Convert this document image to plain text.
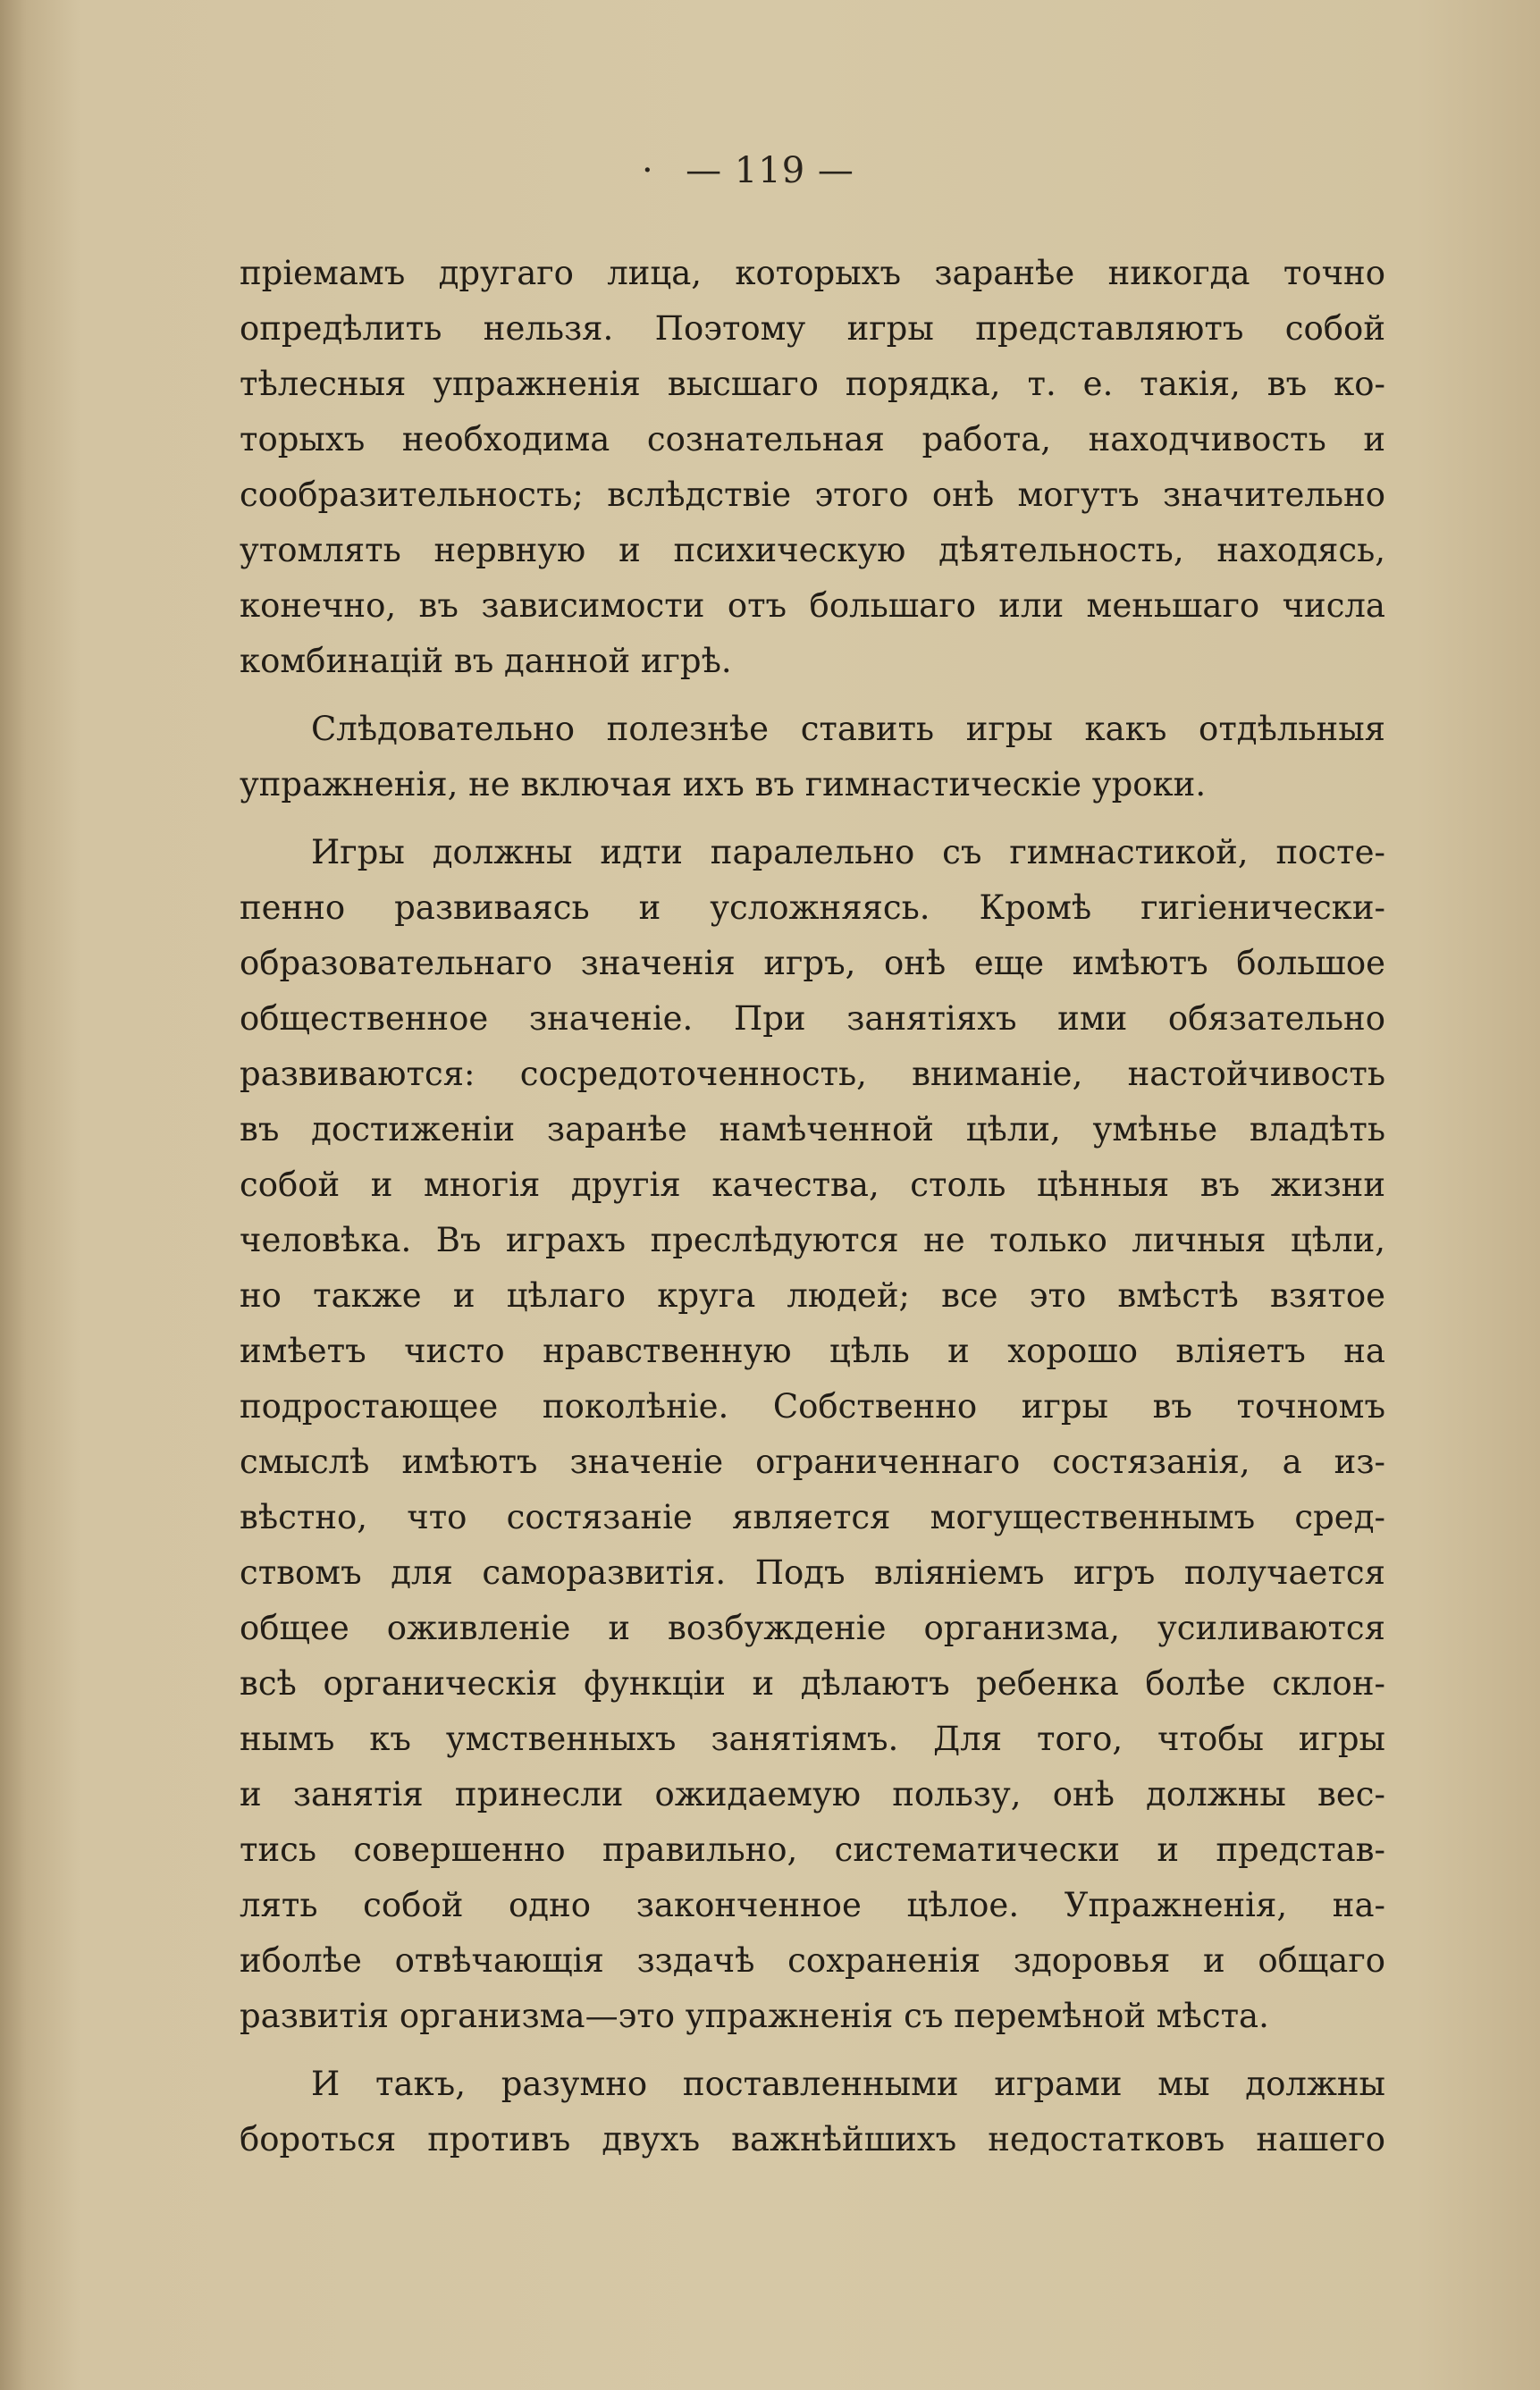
· — 119 —
пріемамъ другаго лица, которыхъ заранѣе никогда точно
опредѣлить нельзя. Поэтому игры представляютъ собой
тѣлесныя упражненія высшаго порядка, т. е. такія, въ ко-
торыхъ необходима сознательная работа, находчивость и
сообразительность; вслѣдствіе этого онѣ могутъ значительно
утомлять нервную и психическую дѣятельность, находясь,
конечно, въ зависимости отъ большаго или меньшаго числа
комбинацій въ данной игрѣ.
Слѣдовательно полезнѣе ставить игры какъ отдѣльныя
упражненія, не включая ихъ въ гимнастическіе уроки.
Игры должны идти паралельно съ гимнастикой, посте-
пенно развиваясь и усложняясь. Кромѣ гигіенически-
образовательнаго значенія игръ, онѣ еще имѣютъ большое
общественное значеніе. При занятіяхъ ими обязательно
развиваются: сосредоточенность, вниманіе, настойчивость
въ достиженіи заранѣе намѣченной цѣли, умѣнье владѣть
собой и многія другія качества, столь цѣнныя въ жизни
человѣка. Въ играхъ преслѣдуются не только личныя цѣли,
но также и цѣлаго круга людей; все это вмѣстѣ взятое
имѣетъ чисто нравственную цѣль и хорошо вліяетъ на
подростающее поколѣніе. Собственно игры въ точномъ
смыслѣ имѣютъ значеніе ограниченнаго состязанія, а из-
вѣстно, что состязаніе является могущественнымъ сред-
ствомъ для саморазвитія. Подъ вліяніемъ игръ получается
общее оживленіе и возбужденіе организма, усиливаются
всѣ органическія функціи и дѣлаютъ ребенка болѣе склон-
нымъ къ умственныхъ занятіямъ. Для того, чтобы игры
и занятія принесли ожидаемую пользу, онѣ должны вес-
тись совершенно правильно, систематически и представ-
лять собой одно законченное цѣлое. Упражненія, на-
иболѣе отвѣчающія зздачѣ сохраненія здоровья и общаго
развитія организма—это упражненія съ перемѣной мѣста.
И такъ, разумно поставленными играми мы должны
бороться противъ двухъ важнѣйшихъ недостатковъ нашего
